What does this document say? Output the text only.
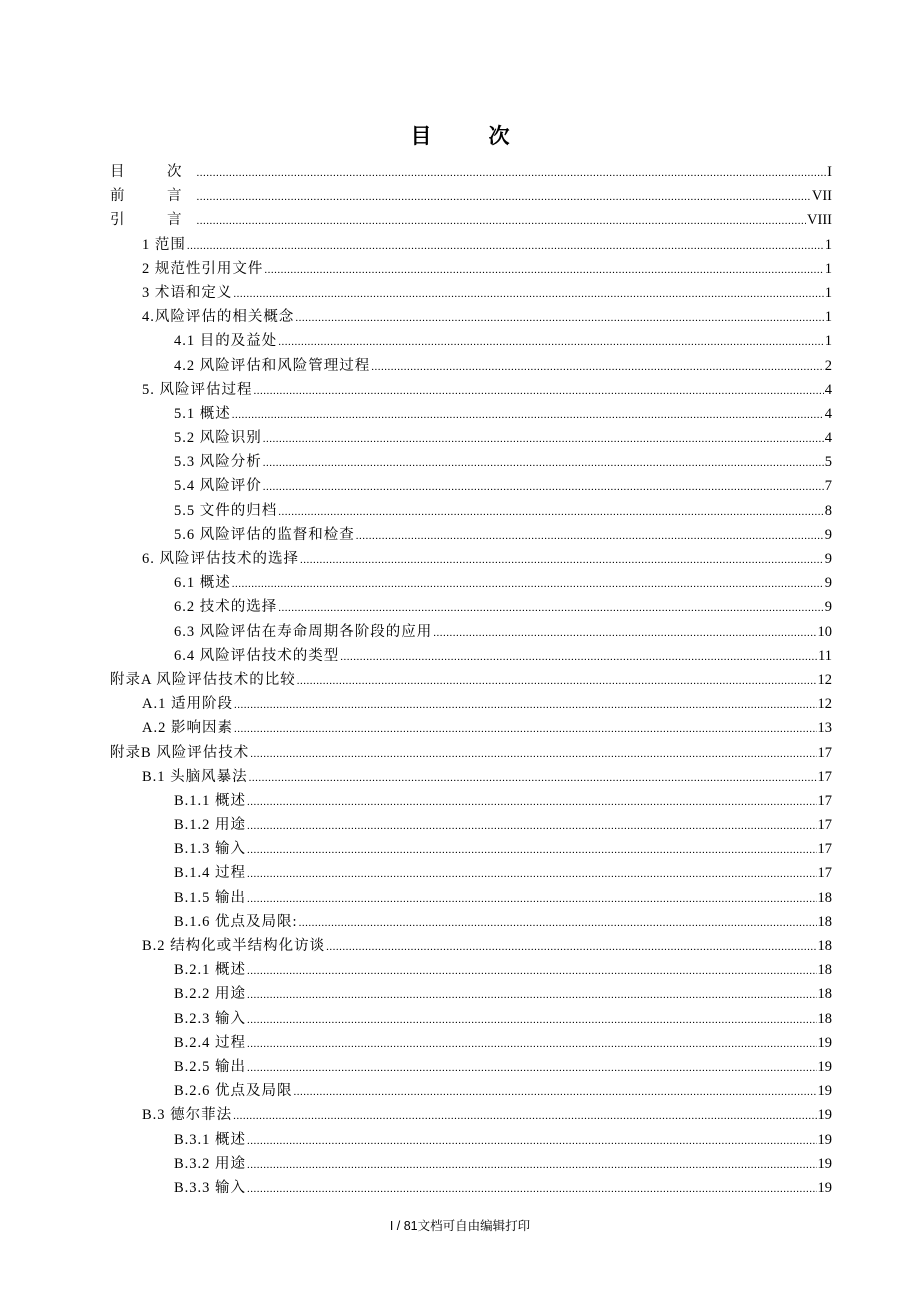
目　次
目　次 .....	I
前　言 .....	VII
引　言 .....	VIII
1 范围 .....	1
2 规范性引用文件 .....	1
3 术语和定义 .....	1
4.风险评估的相关概念 .....	1
4.1 目的及益处 .....	1
4.2 风险评估和风险管理过程 .....	2
5. 风险评估过程 .....	4
5.1 概述 .....	4
5.2 风险识别 .....	4
5.3 风险分析 .....	5
5.4 风险评价 .....	7
5.5 文件的归档 .....	8
5.6 风险评估的监督和检查 .....	9
6. 风险评估技术的选择 .....	9
6.1 概述 .....	9
6.2 技术的选择 .....	9
6.3 风险评估在寿命周期各阶段的应用 .....	10
6.4 风险评估技术的类型 .....	11
附录A 风险评估技术的比较 .....	12
A.1 适用阶段 .....	12
A.2 影响因素 .....	13
附录B 风险评估技术 .....	17
B.1 头脑风暴法 .....	17
B.1.1 概述 .....	17
B.1.2 用途 .....	17
B.1.3 输入 .....	17
B.1.4 过程 .....	17
B.1.5 输出 .....	18
B.1.6 优点及局限: .....	18
B.2 结构化或半结构化访谈 .....	18
B.2.1 概述 .....	18
B.2.2 用途 .....	18
B.2.3 输入 .....	18
B.2.4 过程 .....	19
B.2.5 输出 .....	19
B.2.6 优点及局限 .....	19
B.3 德尔菲法 .....	19
B.3.1 概述 .....	19
B.3.2 用途 .....	19
B.3.3 输入 .....	19
I / 81文档可自由编辑打印
